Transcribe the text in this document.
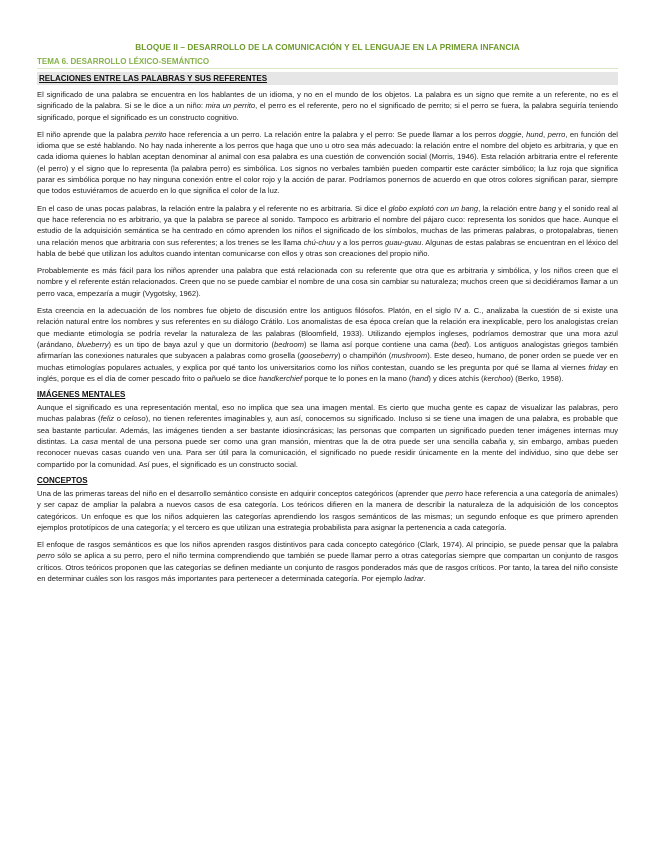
BLOQUE II – DESARROLLO DE LA COMUNICACIÓN Y EL LENGUAJE EN LA PRIMERA INFANCIA
TEMA 6. DESARROLLO LÉXICO-SEMÁNTICO
RELACIONES ENTRE LAS PALABRAS Y SUS REFERENTES

El significado de una palabra se encuentra en los hablantes de un idioma, y no en el mundo de los objetos. La palabra es un signo que remite a un referente, no es el significado de la palabra. Si se le dice a un niño: mira un perrito, el perro es el referente, pero no el significado de perrito; si el perro se fuera, la palabra seguiría teniendo significado, porque el significado es un constructo cognitivo.

El niño aprende que la palabra perrito hace referencia a un perro. La relación entre la palabra y el perro: Se puede llamar a los perros doggie, hund, perro, en función del idioma que se esté hablando. No hay nada inherente a los perros que haga que uno u otro sea más adecuado: la relación entre el nombre del objeto es arbitraria, y que en cada idioma quienes lo hablan aceptan denominar al animal con esa palabra es una cuestión de convención social (Morris, 1946). Esta relación arbitraria entre el referente (el perro) y el signo que lo representa (la palabra perro) es simbólica. Los signos no verbales también pueden compartir este carácter simbólico; la luz roja que significa parar es simbólica porque no hay ninguna conexión entre el color rojo y la acción de parar. Podríamos ponernos de acuerdo en que otros colores significan parar, siempre que todos estuviéramos de acuerdo en lo que significa el color de la luz.

En el caso de unas pocas palabras, la relación entre la palabra y el referente no es arbitraria. Si dice el globo explotó con un bang, la relación entre bang y el sonido real al que hace referencia no es arbitrario, ya que la palabra se parece al sonido. Tampoco es arbitrario el nombre del pájaro cuco: representa los sonidos que hace. Aunque el estudio de la adquisición semántica se ha centrado en cómo aprenden los niños el significado de los símbolos, muchas de las primeras palabras, o protopalabras, tienen una relación menos que arbitraria con sus referentes; a los trenes se les llama chú-chuu y a los perros guau-guau. Algunas de estas palabras se encuentran en el léxico del habla de bebé que utilizan los adultos cuando intentan comunicarse con ellos y otras son creaciones del propio niño.

Probablemente es más fácil para los niños aprender una palabra que está relacionada con su referente que otra que es arbitraria y simbólica, y los niños creen que el nombre y el referente están relacionados. Creen que no se puede cambiar el nombre de una cosa sin cambiar su naturaleza; muchos creen que si decidiéramos llamar a un perro vaca, empezaría a mugir (Vygotsky, 1962).

Esta creencia en la adecuación de los nombres fue objeto de discusión entre los antiguos filósofos. Platón, en el siglo IV a. C., analizaba la cuestión de si existe una relación natural entre los nombres y sus referentes en su diálogo Crátilo. Los anomalistas de esa época creían que la relación era inexplicable, pero los analogistas creían que mediante etimología se podría revelar la naturaleza de las palabras (Bloomfield, 1933). Utilizando ejemplos ingleses, podríamos demostrar que una mora azul (arándano, blueberry) es un tipo de baya azul y que un dormitorio (bedroom) se llama así porque contiene una cama (bed). Los antiguos analogistas griegos también afirmarían las conexiones naturales que subyacen a palabras como grosella (gooseberry) o champiñón (mushroom). Este deseo, humano, de poner orden se puede ver en muchas etimologías populares actuales, y explica por qué tanto los universitarios como los niños contestan, cuando se les pregunta por qué se llama al viernes friday en inglés, porque es el día de comer pescado frito o pañuelo se dice handkerchief porque te lo pones en la mano (hand) y dices atchís (kerchoo) (Berko, 1958).

IMÁGENES MENTALES

Aunque el significado es una representación mental, eso no implica que sea una imagen mental. Es cierto que mucha gente es capaz de visualizar las palabras, pero muchas palabras (feliz o celoso), no tienen referentes imaginables y, aun así, conocemos su significado. Incluso si se tiene una imagen de una palabra, es probable que sea bastante particular. Además, las imágenes tienden a ser bastante idiosincrásicas; las personas que comparten un significado pueden tener imágenes internas muy distintas. La casa mental de una persona puede ser como una gran mansión, mientras que la de otra puede ser una sencilla cabaña y, sin embargo, ambas pueden reconocer nuevas casas cuando ven una. Para ser útil para la comunicación, el significado no puede residir únicamente en la mente del individuo, sino que debe ser compartido por la comunidad. Así pues, el significado es un constructo social.

CONCEPTOS

Una de las primeras tareas del niño en el desarrollo semántico consiste en adquirir conceptos categóricos (aprender que perro hace referencia a una categoría de animales) y ser capaz de ampliar la palabra a nuevos casos de esa categoría. Los teóricos difieren en la manera de describir la naturaleza de la adquisición de los conceptos categóricos. Un enfoque es que los niños adquieren las categorías aprendiendo los rasgos semánticos de las mismas; un segundo enfoque es que primero aprenden ejemplos prototípicos de una categoría; y el tercero es que utilizan una estrategia probabilista para asignar la pertenencia a cada categoría.

El enfoque de rasgos semánticos es que los niños aprenden rasgos distintivos para cada concepto categórico (Clark, 1974). Al principio, se puede pensar que la palabra perro sólo se aplica a su perro, pero el niño termina comprendiendo que también se puede llamar perro a otras categorías siempre que compartan un conjunto de rasgos críticos. Otros teóricos proponen que las categorías se definen mediante un conjunto de rasgos ponderados más que de rasgos críticos. Por tanto, la tarea del niño consiste en determinar cuáles son los rasgos más importantes para pertenecer a determinada categoría. Por ejemplo ladrar.
